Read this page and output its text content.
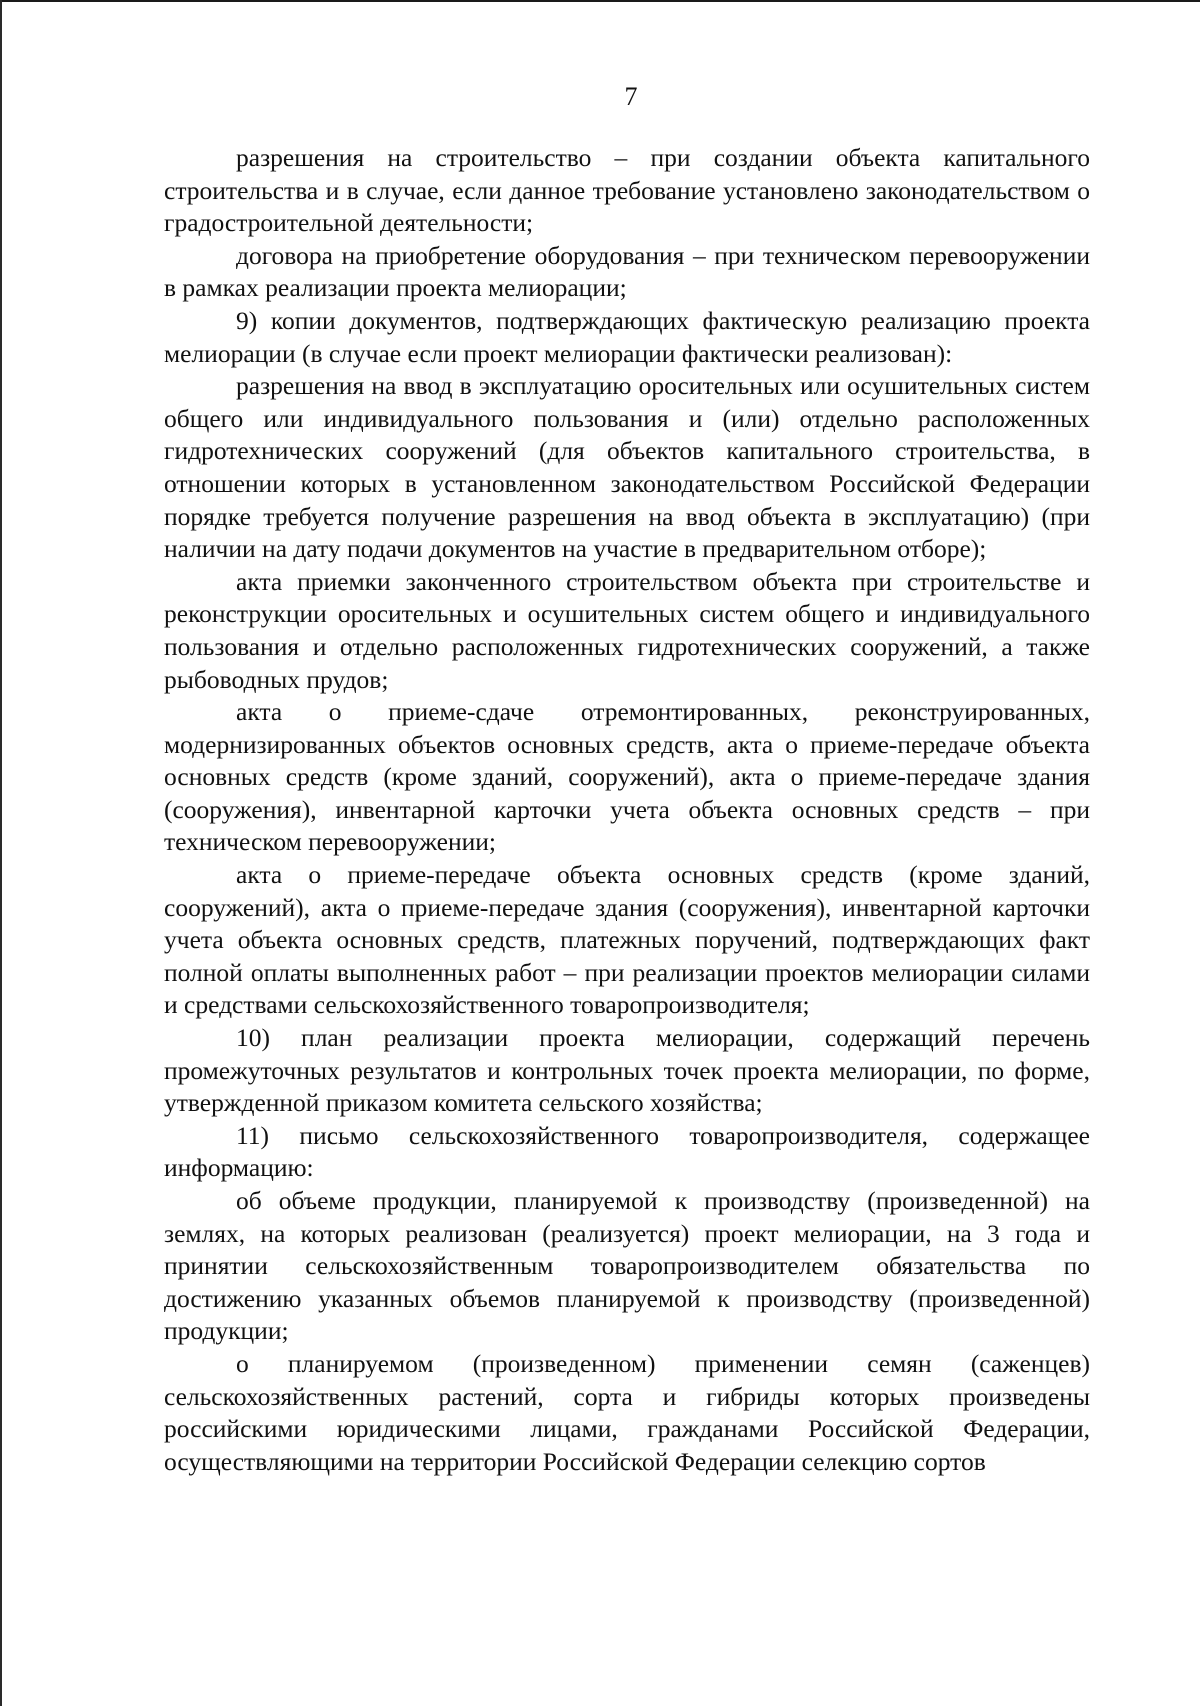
7

разрешения на строительство – при создании объекта капитального строительства и в случае, если данное требование установлено законодательством о градостроительной деятельности;

договора на приобретение оборудования – при техническом перевооружении в рамках реализации проекта мелиорации;

9) копии документов, подтверждающих фактическую реализацию проекта мелиорации (в случае если проект мелиорации фактически реализован):

разрешения на ввод в эксплуатацию оросительных или осушительных систем общего или индивидуального пользования и (или) отдельно расположенных гидротехнических сооружений (для объектов капитального строительства, в отношении которых в установленном законодательством Российской Федерации порядке требуется получение разрешения на ввод объекта в эксплуатацию) (при наличии на дату подачи документов на участие в предварительном отборе);

акта приемки законченного строительством объекта при строительстве и реконструкции оросительных и осушительных систем общего и индивидуального пользования и отдельно расположенных гидротехнических сооружений, а также рыбоводных прудов;

акта о приеме-сдаче отремонтированных, реконструированных, модернизированных объектов основных средств, акта о приеме-передаче объекта основных средств (кроме зданий, сооружений), акта о приеме-передаче здания (сооружения), инвентарной карточки учета объекта основных средств – при техническом перевооружении;

акта о приеме-передаче объекта основных средств (кроме зданий, сооружений), акта о приеме-передаче здания (сооружения), инвентарной карточки учета объекта основных средств, платежных поручений, подтверждающих факт полной оплаты выполненных работ – при реализации проектов мелиорации силами и средствами сельскохозяйственного товаропроизводителя;

10) план реализации проекта мелиорации, содержащий перечень промежуточных результатов и контрольных точек проекта мелиорации, по форме, утвержденной приказом комитета сельского хозяйства;

11) письмо сельскохозяйственного товаропроизводителя, содержащее информацию:

об объеме продукции, планируемой к производству (произведенной) на землях, на которых реализован (реализуется) проект мелиорации, на 3 года и принятии сельскохозяйственным товаропроизводителем обязательства по достижению указанных объемов планируемой к производству (произведенной) продукции;

о планируемом (произведенном) применении семян (саженцев) сельскохозяйственных растений, сорта и гибриды которых произведены российскими юридическими лицами, гражданами Российской Федерации, осуществляющими на территории Российской Федерации селекцию сортов
